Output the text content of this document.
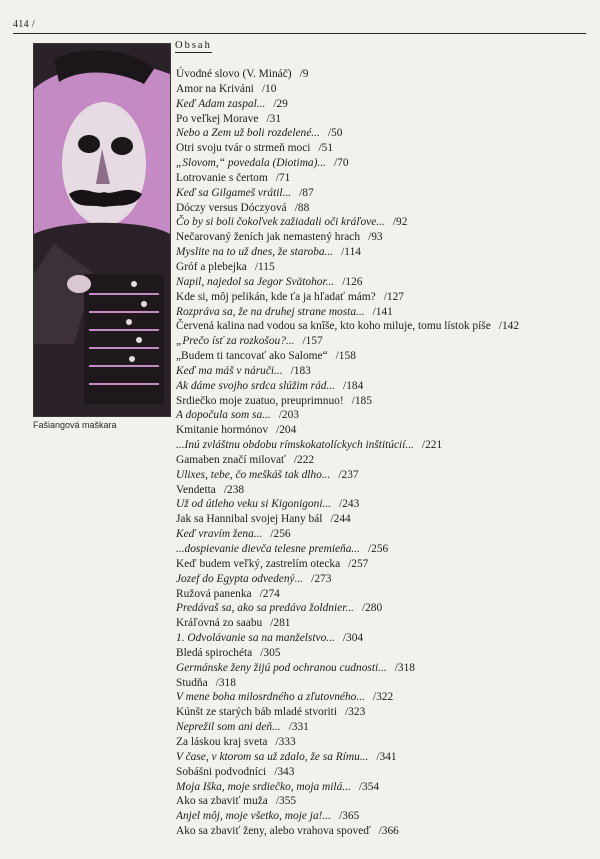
414 /
Fašiangová maškara
Obsah
Úvodné slovo (V. Mináč) /9
Amor na Kriváni /10
Keď Adam zaspal... /29
Po veľkej Morave /31
Nebo a Zem už boli rozdelené... /50
Otri svoju tvár o strmeň moci /51
„Slovom,“ povedala (Diotima)... /70
Lotrovanie s čertom /71
Keď sa Gilgameš vrátil... /87
Dóczy versus Dóczyová /88
Čo by si boli čokoľvek zažiadali oči kráľove... /92
Nečarovaný ženích jak nemastený hrach /93
Myslite na to už dnes, že staroba... /114
Gróf a plebejka /115
Napil, najedol sa Jegor Svätohor... /126
Kde si, môj pelikán, kde ťa ja hľadať mám? /127
Rozpráva sa, že na druhej strane mosta... /141
Červená kalina nad vodou sa knîše, kto koho miluje, tomu lístok píše /142
„Prečo ísť za rozkošou?... /157
„Budem ti tancovať ako Salome“ /158
Keď ma máš v náruči... /183
Ak dáme svojho srdca slúžim rád... /184
Srdiečko moje zuatuo, preuprimnuo! /185
A dopočula som sa... /203
Kmitanie hormónov /204
...Inú zvláštnu obdobu rímskokatolíckych inštitúcií... /221
Gamaben značí milovať /222
Ulixes, tebe, čo meškáš tak dlho... /237
Vendetta /238
Už od útleho veku si Kigonigoni... /243
Jak sa Hannibal svojej Hany bál /244
Keď vravím žena... /256
...dospievanie dievča telesne premieňa... /256
Keď budem veľký, zastrelím otecka /257
Jozef do Egypta odvedený... /273
Ružová panenka /274
Predávaš sa, ako sa predáva žoldnier... /280
Kráľovná zo saabu /281
1. Odvolávanie sa na manželstvo... /304
Bledá spirochéta /305
Germánske ženy žijú pod ochranou cudnosti... /318
Studňa /318
V mene boha milosrdného a zľutovného... /322
Kúnšt ze starých báb mladé stvoriti /323
Neprežil som ani deň... /331
Za láskou kraj sveta /333
V čase, v ktorom sa už zdalo, že sa Rímu... /341
Sobášni podvodníci /343
Moja Iška, moje srdiečko, moja milá... /354
Ako sa zbaviť muža /355
Anjel môj, moje všetko, moje ja!... /365
Ako sa zbaviť ženy, alebo vrahova spoveď /366
